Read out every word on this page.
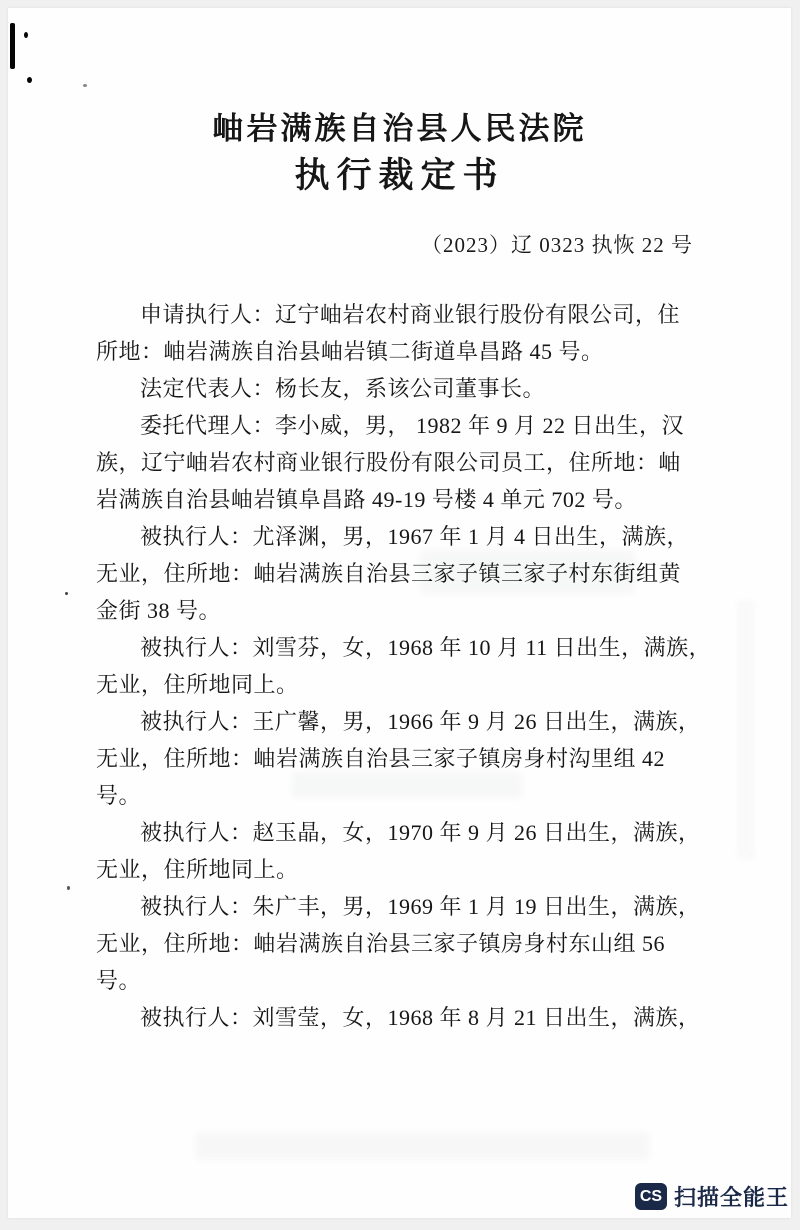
岫岩满族自治县人民法院
执行裁定书
（2023）辽 0323 执恢 22 号
申请执行人：辽宁岫岩农村商业银行股份有限公司，住
所地：岫岩满族自治县岫岩镇二街道阜昌路 45 号。
法定代表人：杨长友，系该公司董事长。
委托代理人：李小威，男， 1982 年 9 月 22 日出生，汉
族，辽宁岫岩农村商业银行股份有限公司员工，住所地：岫
岩满族自治县岫岩镇阜昌路 49-19 号楼 4 单元 702 号。
被执行人：尤泽渊，男，1967 年 1 月 4 日出生，满族，
无业，住所地：岫岩满族自治县三家子镇三家子村东街组黄
金街 38 号。
被执行人：刘雪芬，女，1968 年 10 月 11 日出生，满族，
无业，住所地同上。
被执行人：王广馨，男，1966 年 9 月 26 日出生，满族，
无业，住所地：岫岩满族自治县三家子镇房身村沟里组 42
号。
被执行人：赵玉晶，女，1970 年 9 月 26 日出生，满族，
无业，住所地同上。
被执行人：朱广丰，男，1969 年 1 月 19 日出生，满族，
无业，住所地：岫岩满族自治县三家子镇房身村东山组 56
号。
被执行人：刘雪莹，女，1968 年 8 月 21 日出生，满族，
CS 扫描全能王
